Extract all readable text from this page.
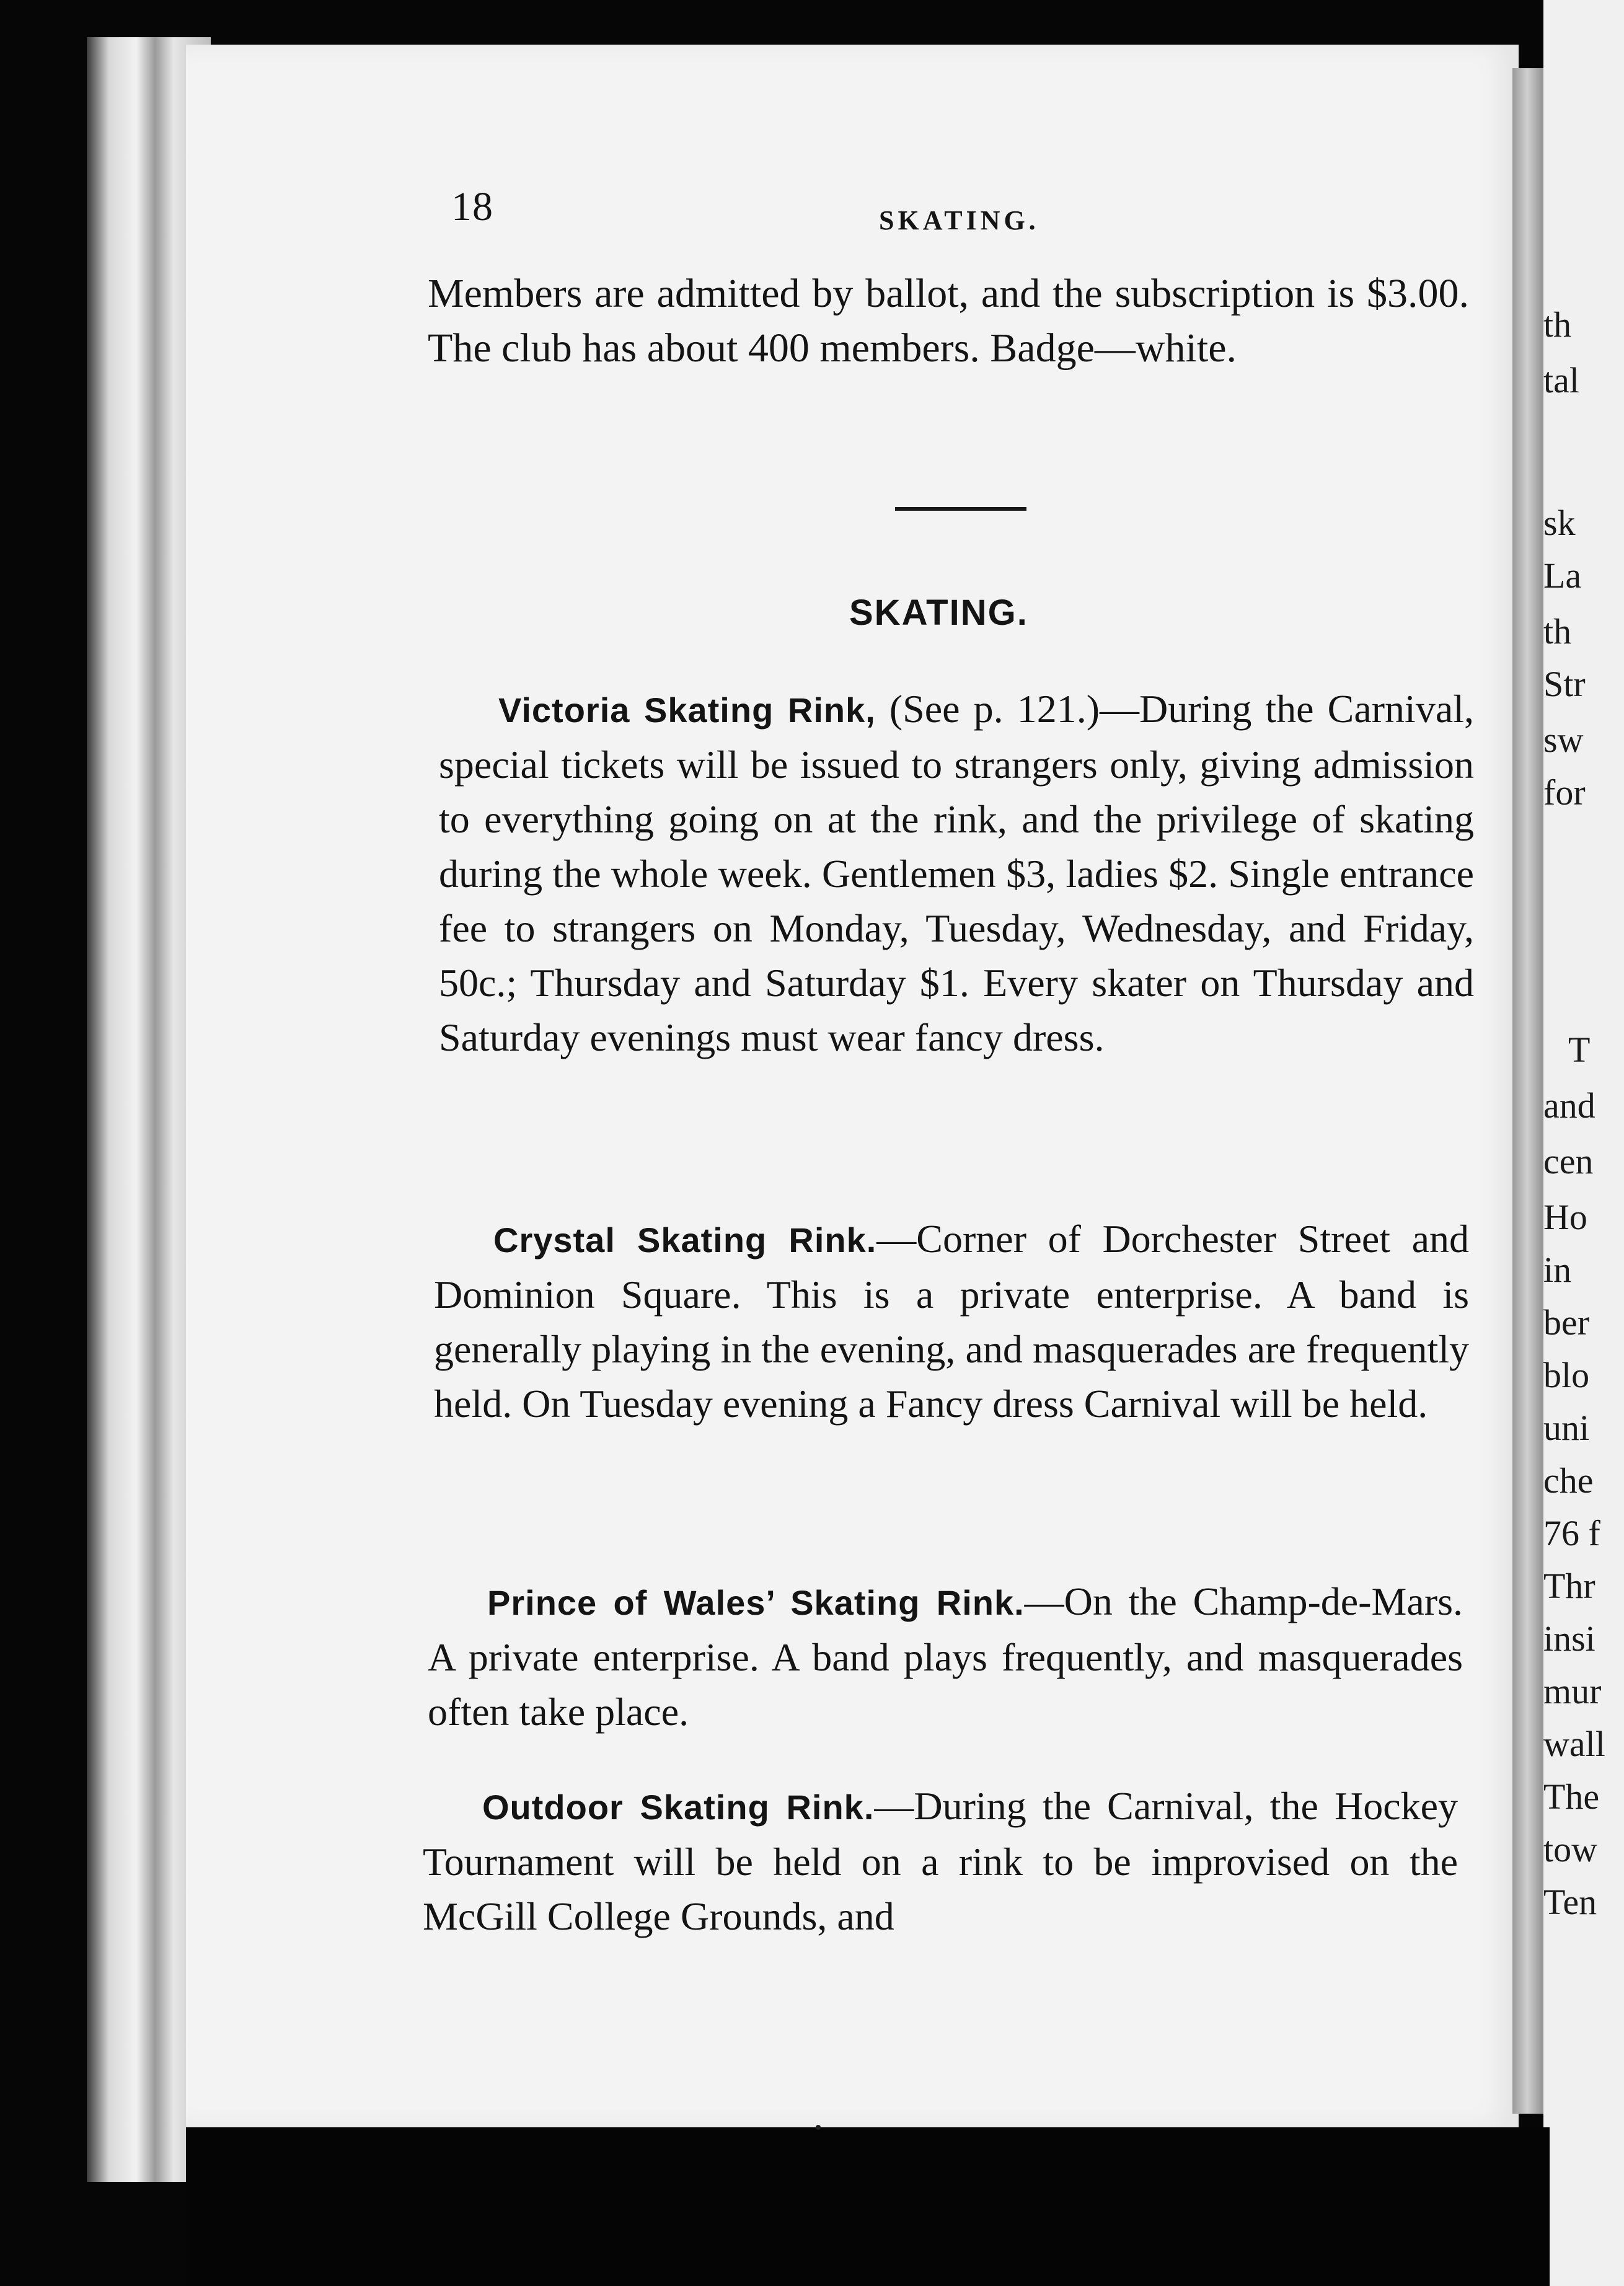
th
tal
sk
La
th
Str
sw
for
T
and
cen
Ho
in
ber
blo
uni
che
76 f
Thr
insi
mur
wall
The
tow
Ten
18	SKATING.

Members are admitted by ballot, and the subscription is $3.00. The club has about 400 members. Badge—white.

SKATING.

Victoria Skating Rink, (See p. 121.)—During the Carnival, special tickets will be issued to strangers only, giving admission to everything going on at the rink, and the privilege of skating during the whole week. Gentlemen $3, ladies $2. Single entrance fee to strangers on Monday, Tuesday, Wednesday, and Friday, 50c.; Thursday and Saturday $1. Every skater on Thursday and Saturday evenings must wear fancy dress.

Crystal Skating Rink.—Corner of Dorchester Street and Dominion Square. This is a private enterprise. A band is generally playing in the evening, and masquerades are frequently held. On Tuesday evening a Fancy dress Carnival will be held.

Prince of Wales’ Skating Rink.—On the Champ-de-Mars. A private enterprise. A band plays frequently, and masquerades often take place.

Outdoor Skating Rink.—During the Carnival, the Hockey Tournament will be held on a rink to be improvised on the McGill College Grounds, and
